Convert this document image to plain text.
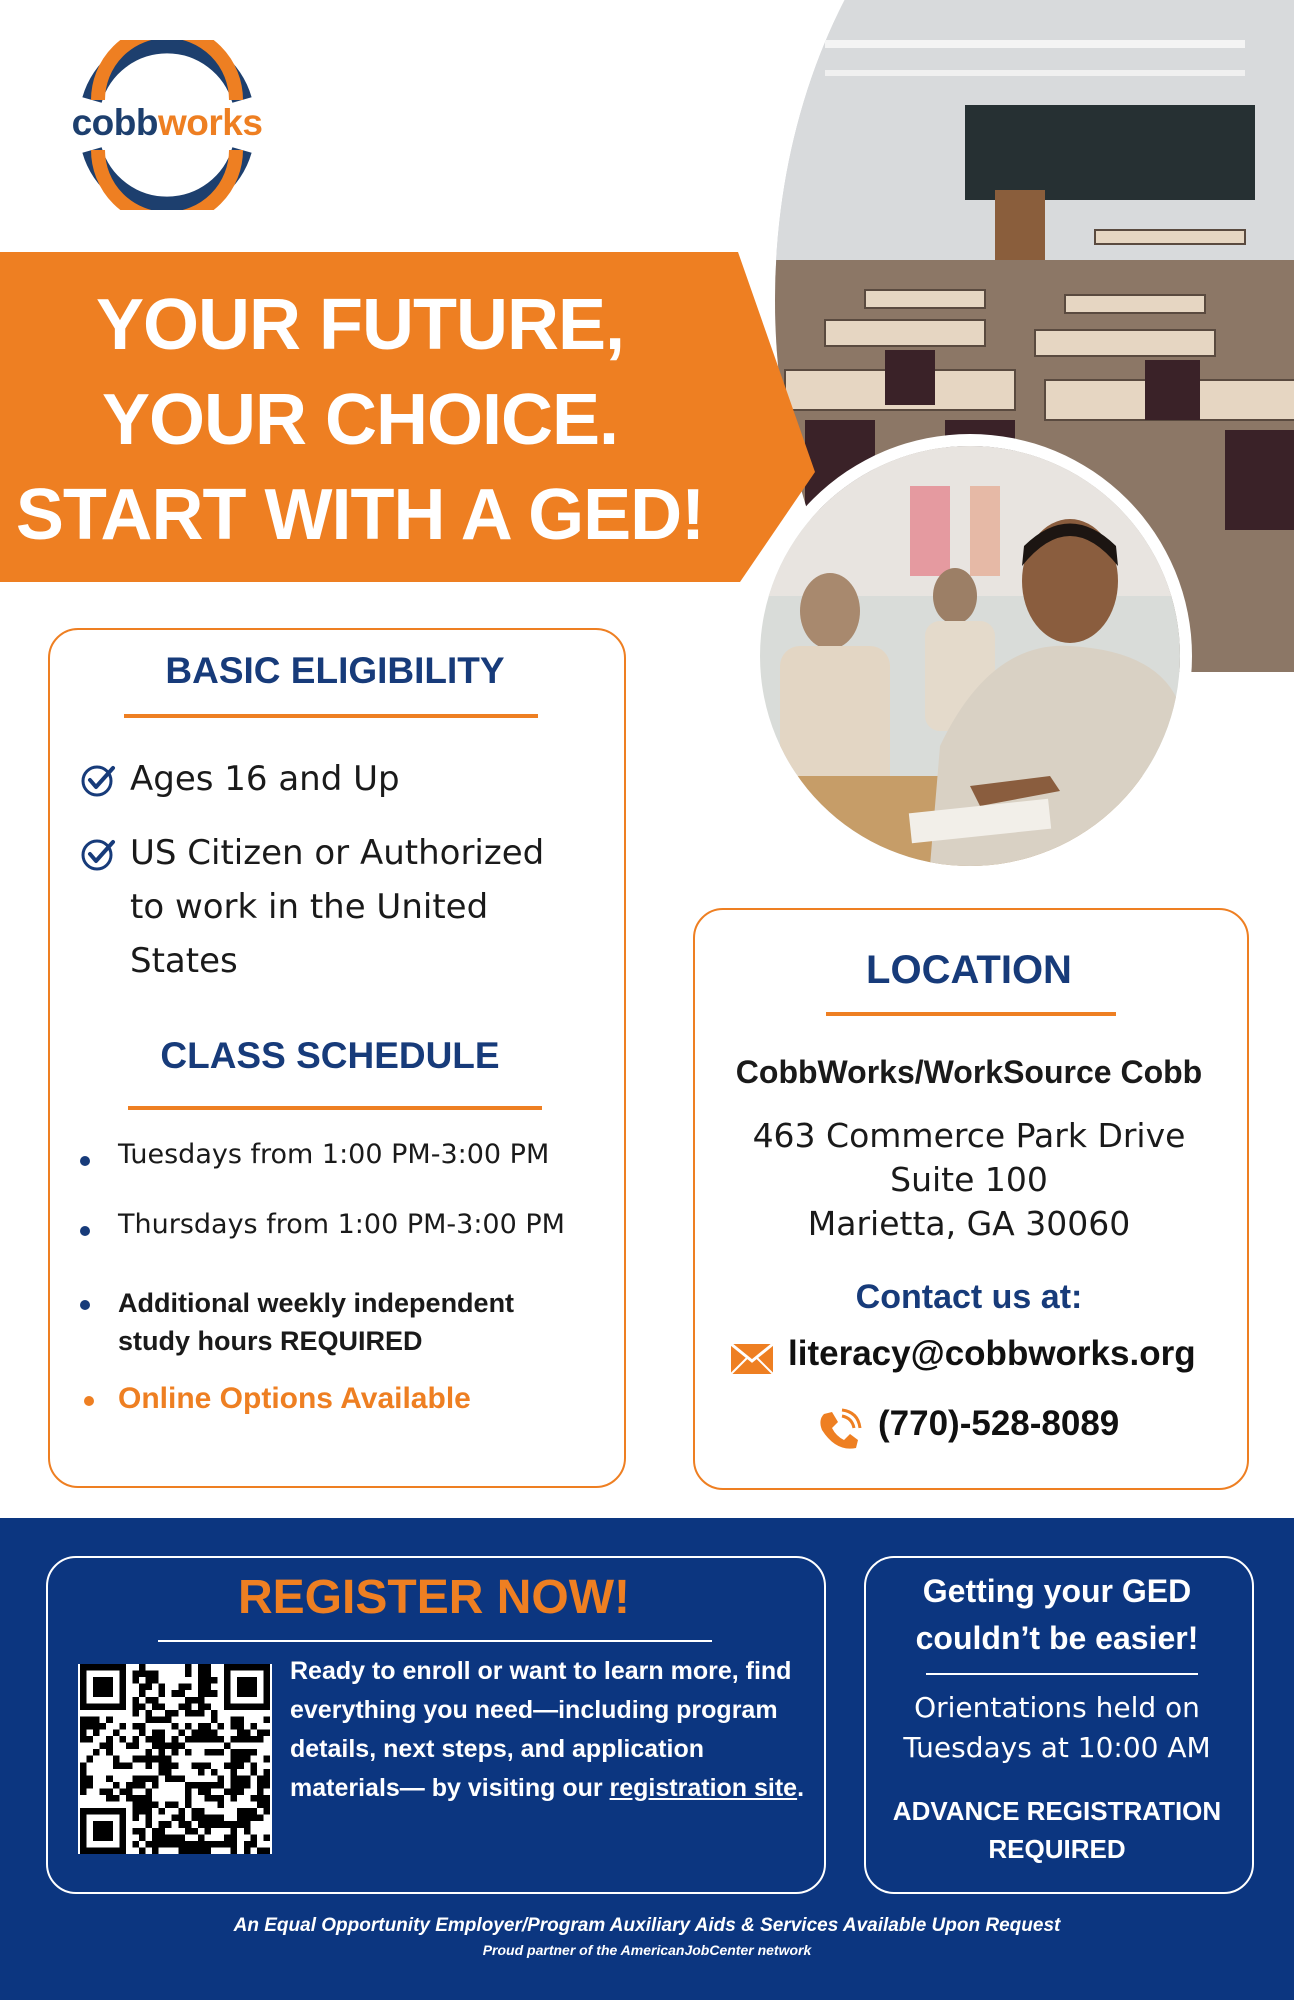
cobbworks
YOUR FUTURE,
YOUR CHOICE.
START WITH A GED!
BASIC ELIGIBILITY
Ages 16 and Up
US Citizen or Authorized to work in the United States
CLASS SCHEDULE
Tuesdays from 1:00 PM-3:00 PM
Thursdays from 1:00 PM-3:00 PM
Additional weekly independent study hours REQUIRED
Online Options Available
LOCATION
CobbWorks/WorkSource Cobb
463 Commerce Park Drive
Suite 100
Marietta, GA 30060
Contact us at:
literacy@cobbworks.org
(770)-528-8089
REGISTER NOW!
Ready to enroll or want to learn more, find everything you need—including program details, next steps, and application materials— by visiting our registration site.
Getting your GED couldn’t be easier!
Orientations held on Tuesdays at 10:00 AM
ADVANCE REGISTRATION REQUIRED
An Equal Opportunity Employer/Program Auxiliary Aids & Services Available Upon Request
Proud partner of the AmericanJobCenter network
